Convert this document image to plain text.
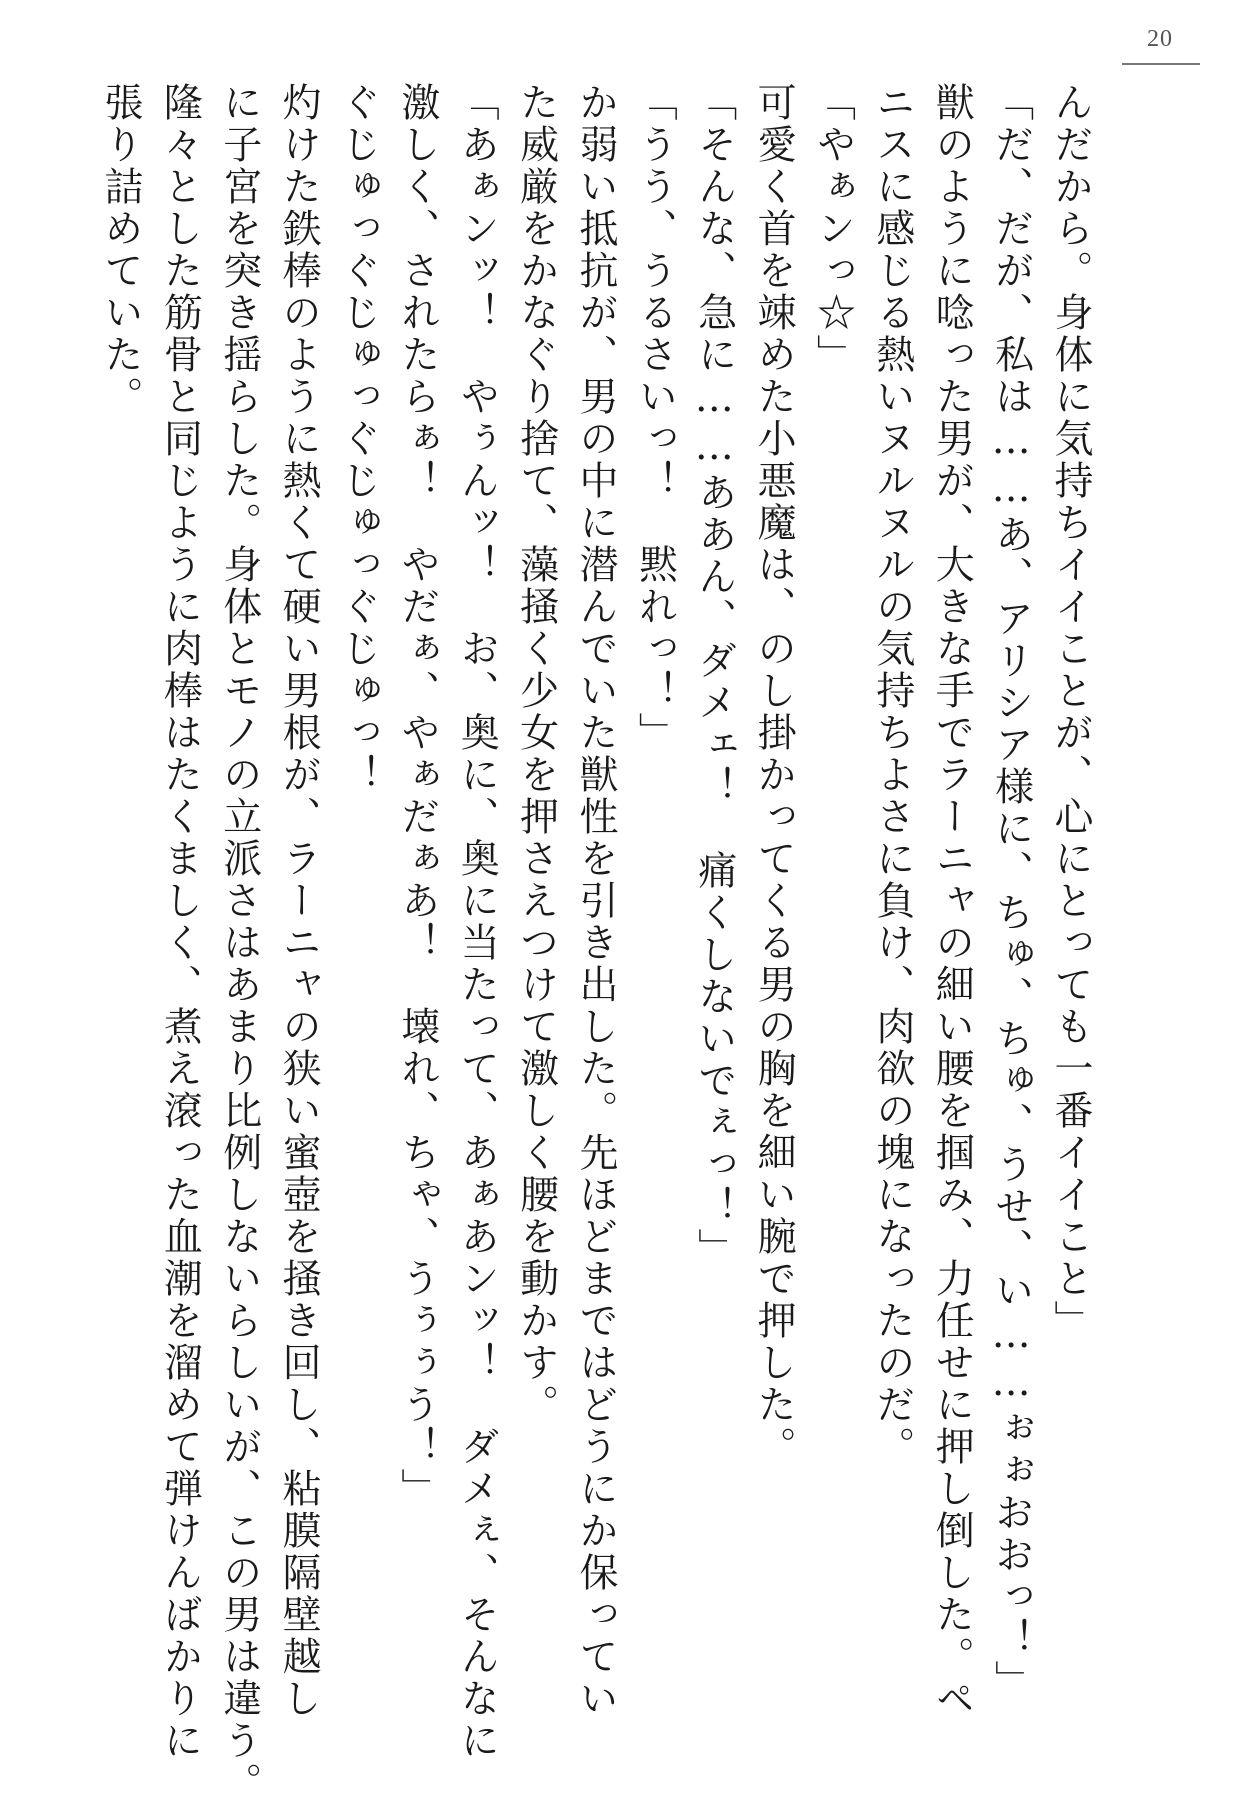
20
んだから。身体に気持ちイイことが、心にとっても一番イイこと」
「だ、だが、私は……あ、アリシア様に、ちゅ、ちゅ、うせ、い……ぉぉおおっ！」
獣のように唸った男が、大きな手でラーニャの細い腰を掴み、力任せに押し倒した。ペ
ニスに感じる熱いヌルヌルの気持ちよさに負け、肉欲の塊になったのだ。
「やぁンっ☆」
可愛く首を竦めた小悪魔は、のし掛かってくる男の胸を細い腕で押した。
「そんな、急に……ああん、ダメェ！　痛くしないでぇっ！」
「うう、うるさいっ！　黙れっ！」
か弱い抵抗が、男の中に潜んでいた獣性を引き出した。先ほどまではどうにか保ってい
た威厳をかなぐり捨て、藻掻く少女を押さえつけて激しく腰を動かす。
「あぁンッ！　やぅんッ！　お、奥に、奥に当たって、あぁあンッ！　ダメぇ、そんなに
激しく、されたらぁ！　やだぁ、やぁだぁあ！　壊れ、ちゃ、うぅぅう！」
ぐじゅっぐじゅっぐじゅっぐじゅっ！
灼けた鉄棒のように熱くて硬い男根が、ラーニャの狭い蜜壺を掻き回し、粘膜隔壁越し
に子宮を突き揺らした。身体とモノの立派さはあまり比例しないらしいが、この男は違う。
隆々とした筋骨と同じように肉棒はたくましく、煮え滾った血潮を溜めて弾けんばかりに
張り詰めていた。
